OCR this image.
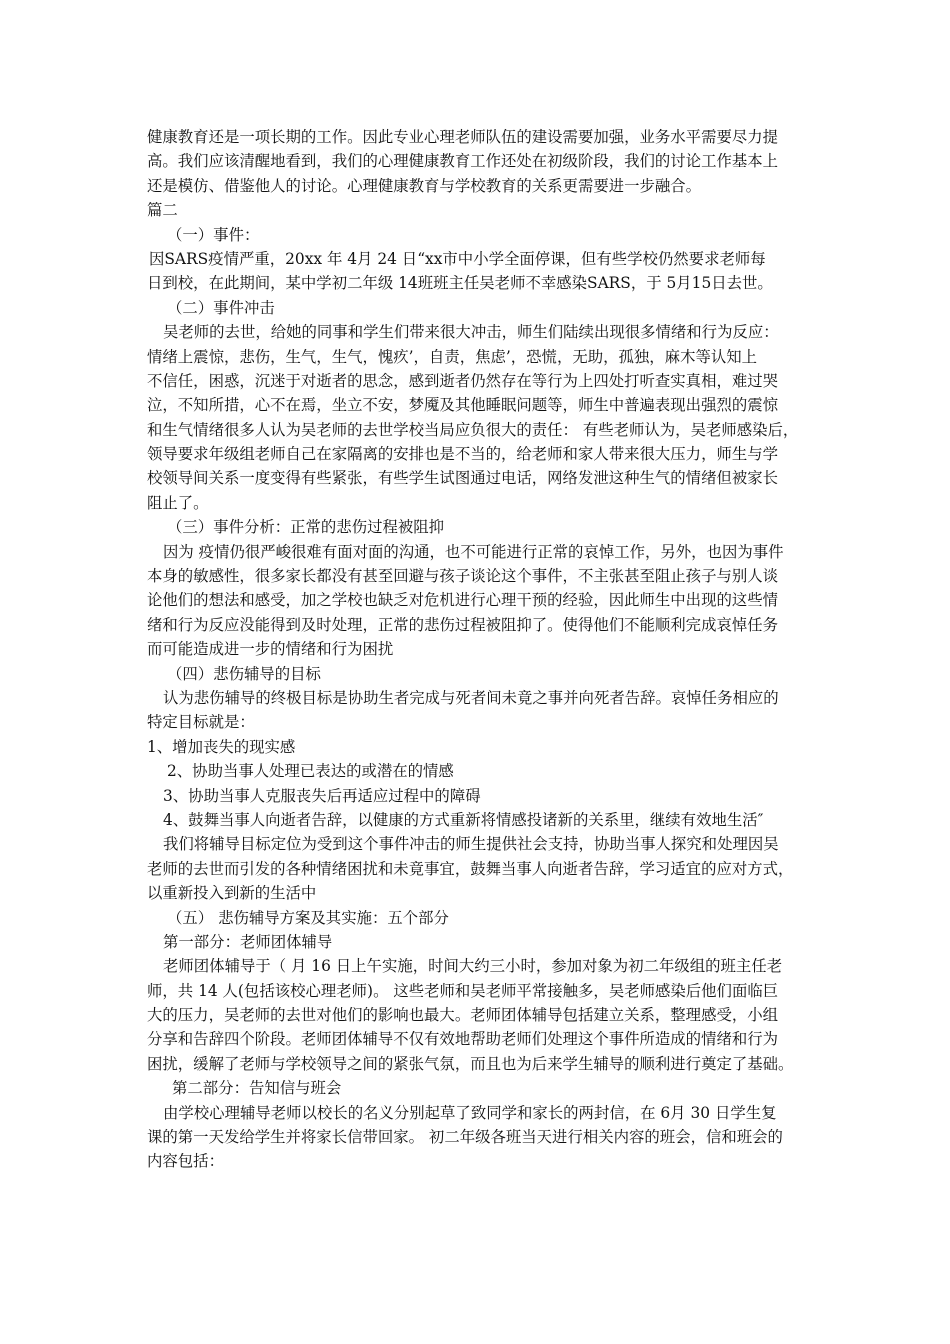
健康教育还是一项长期的工作。因此专业心理老师队伍的建设需要加强，业务水平需要尽力提
高。我们应该清醒地看到，我们的心理健康教育工作还处在初级阶段，我们的讨论工作基本上
还是模仿、借鉴他人的讨论。心理健康教育与学校教育的关系更需要进一步融合。
篇二
（一）事件：
因SARS疫情严重，20xx 年 4月 24 日“xx市中小学全面停课，但有些学校仍然要求老师每
日到校，在此期间，某中学初二年级 14班班主任吴老师不幸感染SARS，于 5月15日去世。
（二）事件冲击
吴老师的去世，给她的同事和学生们带来很大冲击，师生们陆续出现很多情绪和行为反应：
情绪上震惊，悲伤，生气，生气，愧疚’，自责，焦虑’，恐慌，无助，孤独，麻木等认知上
不信任，困惑，沉迷于对逝者的思念，感到逝者仍然存在等行为上四处打听查实真相，难过哭
泣，不知所措，心不在焉，坐立不安，梦魇及其他睡眠问题等，师生中普遍表现出强烈的震惊
和生气情绪很多人认为吴老师的去世学校当局应负很大的责任： 有些老师认为，吴老师感染后，
领导要求年级组老师自己在家隔离的安排也是不当的，给老师和家人带来很大压力，师生与学
校领导间关系一度变得有些紧张，有些学生试图通过电话，网络发泄这种生气的情绪但被家长
阻止了。
（三）事件分析：正常的悲伤过程被阻抑
因为 疫情仍很严峻很难有面对面的沟通，也不可能进行正常的哀悼工作，另外，也因为事件
本身的敏感性，很多家长都没有甚至回避与孩子谈论这个事件，不主张甚至阻止孩子与别人谈
论他们的想法和感受，加之学校也缺乏对危机进行心理干预的经验，因此师生中出现的这些情
绪和行为反应没能得到及时处理，正常的悲伤过程被阻抑了。使得他们不能顺利完成哀悼任务
而可能造成进一步的情绪和行为困扰
（四）悲伤辅导的目标
认为悲伤辅导的终极目标是协助生者完成与死者间未竟之事并向死者告辞。哀悼任务相应的
特定目标就是：
1、增加丧失的现实感
2、协助当事人处理已表达的或潜在的情感
3、协助当事人克服丧失后再适应过程中的障碍
4、鼓舞当事人向逝者告辞，以健康的方式重新将情感投诸新的关系里，继续有效地生活″
我们将辅导目标定位为受到这个事件冲击的师生提供社会支持，协助当事人探究和处理因吴
老师的去世而引发的各种情绪困扰和未竟事宜，鼓舞当事人向逝者告辞，学习适宜的应对方式，
以重新投入到新的生活中
（五） 悲伤辅导方案及其实施：五个部分
第一部分：老师团体辅导
老师团体辅导于（ 月 16 日上午实施，时间大约三小时，参加对象为初二年级组的班主任老
师，共 14 人(包括该校心理老师)。 这些老师和吴老师平常接触多，吴老师感染后他们面临巨
大的压力，吴老师的去世对他们的影响也最大。老师团体辅导包括建立关系，整理感受，小组
分享和告辞四个阶段。老师团体辅导不仅有效地帮助老师们处理这个事件所造成的情绪和行为
困扰，缓解了老师与学校领导之间的紧张气氛，而且也为后来学生辅导的顺利进行奠定了基础。
第二部分：告知信与班会
由学校心理辅导老师以校长的名义分别起草了致同学和家长的两封信，在 6月 30 日学生复
课的第一天发给学生并将家长信带回家。 初二年级各班当天进行相关内容的班会，信和班会的
内容包括：
